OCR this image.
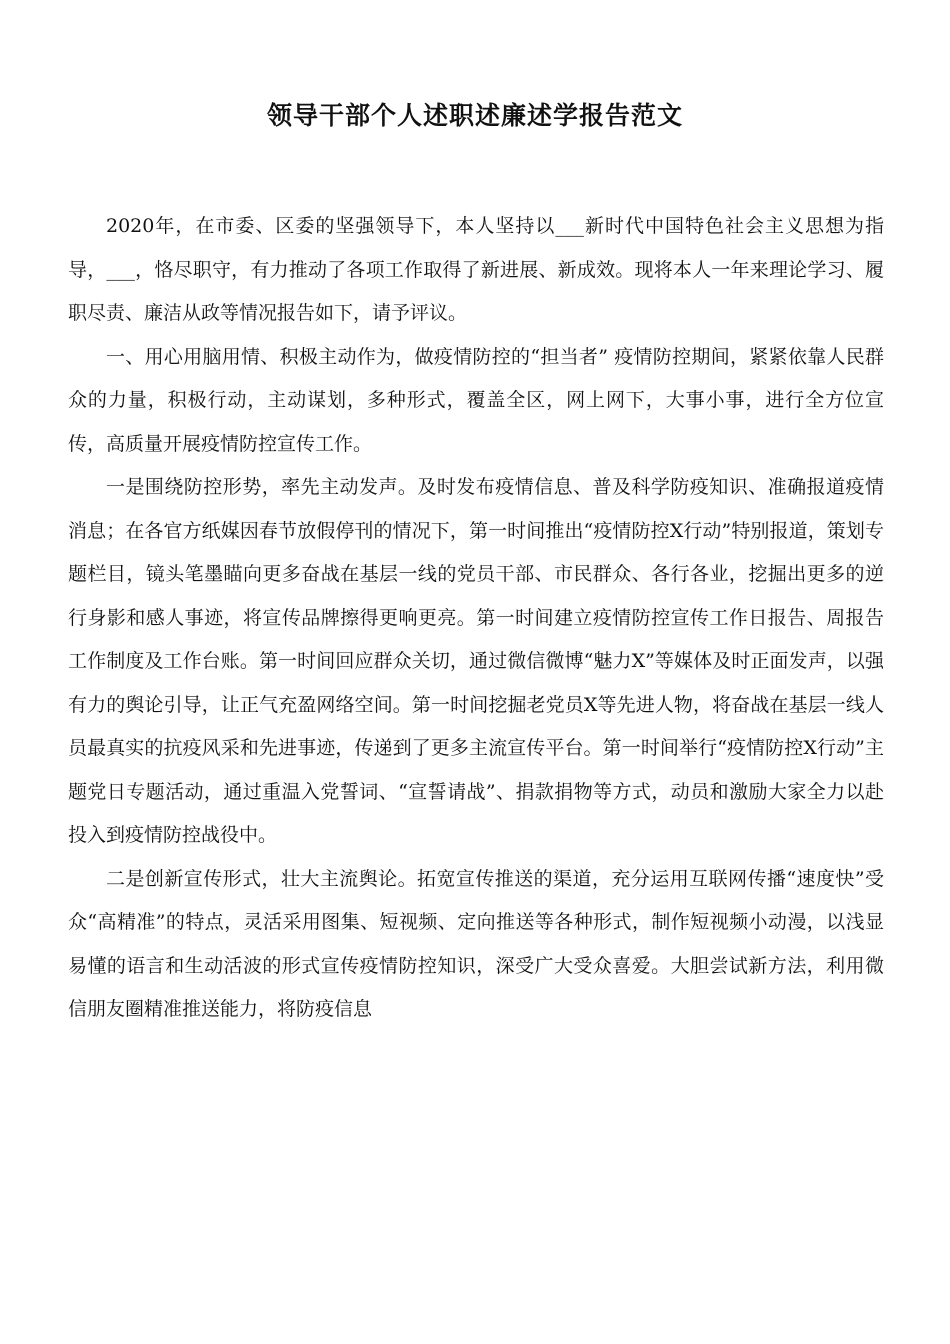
领导干部个人述职述廉述学报告范文

2020年，在市委、区委的坚强领导下，本人坚持以___新时代中国特色社会主义思想为指导，___，恪尽职守，有力推动了各项工作取得了新进展、新成效。现将本人一年来理论学习、履职尽责、廉洁从政等情况报告如下，请予评议。

一、用心用脑用情、积极主动作为，做疫情防控的“担当者” 疫情防控期间，紧紧依靠人民群众的力量，积极行动，主动谋划，多种形式，覆盖全区，网上网下，大事小事，进行全方位宣传，高质量开展疫情防控宣传工作。

一是围绕防控形势，率先主动发声。及时发布疫情信息、普及科学防疫知识、准确报道疫情消息；在各官方纸媒因春节放假停刊的情况下，第一时间推出“疫情防控X行动”特别报道，策划专题栏目，镜头笔墨瞄向更多奋战在基层一线的党员干部、市民群众、各行各业，挖掘出更多的逆行身影和感人事迹，将宣传品牌擦得更响更亮。第一时间建立疫情防控宣传工作日报告、周报告工作制度及工作台账。第一时间回应群众关切，通过微信微博“魅力X”等媒体及时正面发声，以强有力的舆论引导，让正气充盈网络空间。第一时间挖掘老党员X等先进人物，将奋战在基层一线人员最真实的抗疫风采和先进事迹，传递到了更多主流宣传平台。第一时间举行“疫情防控X行动”主题党日专题活动，通过重温入党誓词、“宣誓请战”、捐款捐物等方式，动员和激励大家全力以赴投入到疫情防控战役中。

二是创新宣传形式，壮大主流舆论。拓宽宣传推送的渠道，充分运用互联网传播“速度快”受众“高精准”的特点，灵活采用图集、短视频、定向推送等各种形式，制作短视频小动漫，以浅显易懂的语言和生动活波的形式宣传疫情防控知识，深受广大受众喜爱。大胆尝试新方法，利用微信朋友圈精准推送能力，将防疫信息
